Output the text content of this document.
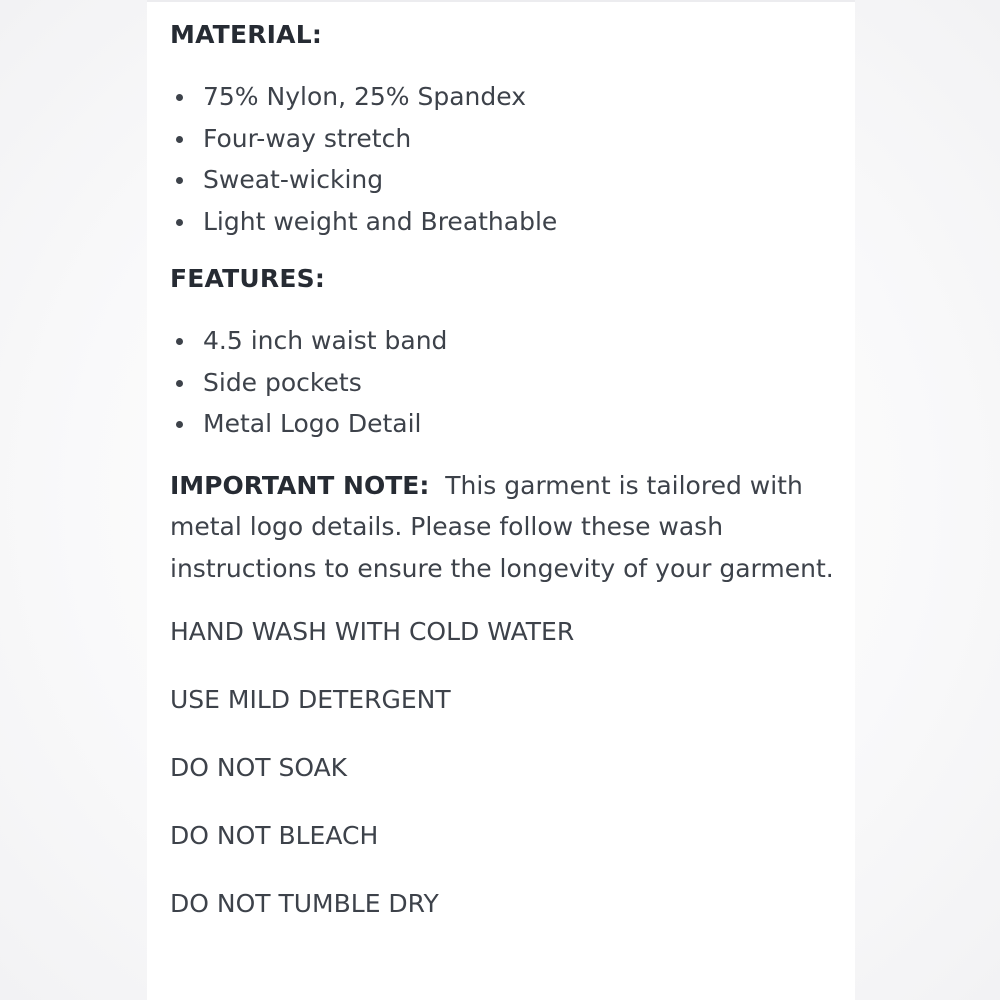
MATERIAL:
75% Nylon, 25% Spandex
Four-way stretch
Sweat-wicking
Light weight and Breathable
FEATURES:
4.5 inch waist band
Side pockets
Metal Logo Detail

IMPORTANT NOTE: This garment is tailored with metal logo details. Please follow these wash instructions to ensure the longevity of your garment.

HAND WASH WITH COLD WATER

USE MILD DETERGENT

DO NOT SOAK

DO NOT BLEACH

DO NOT TUMBLE DRY
